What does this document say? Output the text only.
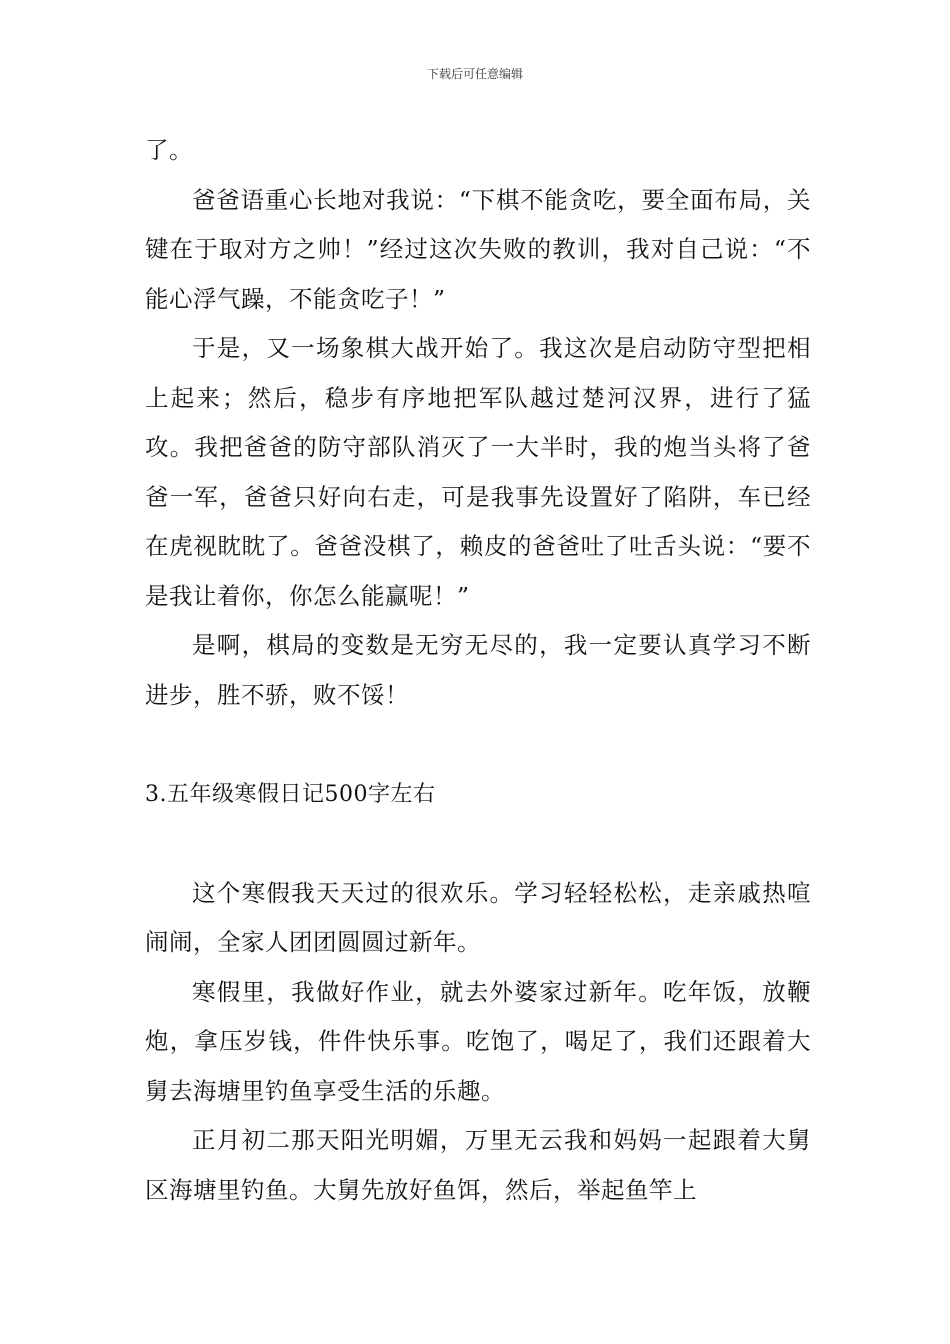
下载后可任意编辑

了。

爸爸语重心长地对我说：“下棋不能贪吃，要全面布局，关键在于取对方之帅！”经过这次失败的教训，我对自己说：“不能心浮气躁，不能贪吃子！”

于是，又一场象棋大战开始了。我这次是启动防守型把相上起来；然后，稳步有序地把军队越过楚河汉界，进行了猛攻。我把爸爸的防守部队消灭了一大半时，我的炮当头将了爸爸一军，爸爸只好向右走，可是我事先设置好了陷阱，车已经在虎视眈眈了。爸爸没棋了，赖皮的爸爸吐了吐舌头说：“要不是我让着你，你怎么能赢呢！”

是啊，棋局的变数是无穷无尽的，我一定要认真学习不断进步，胜不骄，败不馁！

3.五年级寒假日记500字左右

这个寒假我天天过的很欢乐。学习轻轻松松，走亲戚热喧闹闹，全家人团团圆圆过新年。

寒假里，我做好作业，就去外婆家过新年。吃年饭，放鞭炮，拿压岁钱，件件快乐事。吃饱了，喝足了，我们还跟着大舅去海塘里钓鱼享受生活的乐趣。

正月初二那天阳光明媚，万里无云我和妈妈一起跟着大舅区海塘里钓鱼。大舅先放好鱼饵，然后，举起鱼竿上
